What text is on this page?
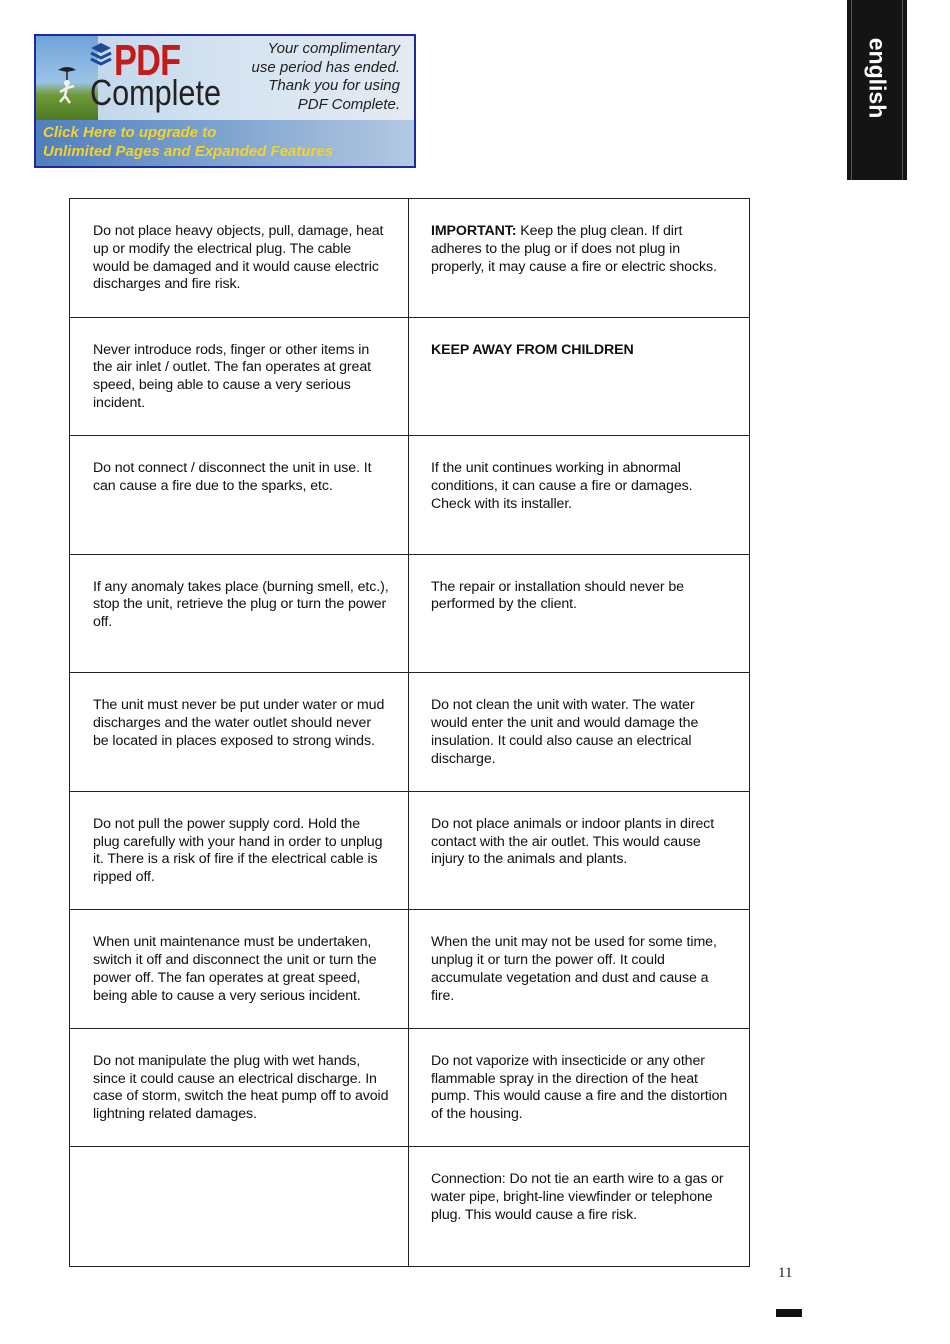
PDF
Complete
Your complimentary
use period has ended.
Thank you for using
PDF Complete.
Click Here to upgrade to
Unlimited Pages and Expanded Features
english
Do not place heavy objects, pull, damage, heat up or modify the electrical plug. The cable would be damaged and it would cause electric discharges and fire risk.
IMPORTANT: Keep the plug clean. If dirt adheres to the plug or if does not plug in properly, it may cause a fire or electric shocks.
Never introduce rods, finger or other items in the air inlet / outlet. The fan operates at great speed, being able to cause a very serious incident.
KEEP AWAY FROM CHILDREN
Do not connect / disconnect the unit in use. It can cause a fire due to the sparks, etc.
If the unit continues working in abnormal conditions, it can cause a fire or damages. Check with its installer.
If any anomaly takes place (burning smell, etc.), stop the unit, retrieve the plug or turn the power off.
The repair or installation should never be performed by the client.
The unit must never be put under water or mud discharges and the water outlet should never be located in places exposed to strong winds.
Do not clean the unit with water. The water would enter the unit and would damage the insulation. It could also cause an electrical discharge.
Do not pull the power supply cord. Hold the plug carefully with your hand in order to unplug it. There is a risk of fire if the electrical cable is ripped off.
Do not place animals or indoor plants in direct contact with the air outlet. This would cause injury to the animals and plants.
When unit maintenance must be undertaken, switch it off and disconnect the unit or turn the power off. The fan operates at great speed, being able to cause a very serious incident.
When the unit may not be used for some time, unplug it or turn the power off. It could accumulate vegetation and dust and cause a fire.
Do not manipulate the plug with wet hands, since it could cause an electrical discharge. In case of storm, switch the heat pump off to avoid lightning related damages.
Do not vaporize with insecticide or any other flammable spray in the direction of the heat pump. This would cause a fire and the distortion of the housing.
Connection: Do not tie an earth wire to a gas or water pipe, bright-line viewfinder or telephone plug. This would cause a fire risk.
11
